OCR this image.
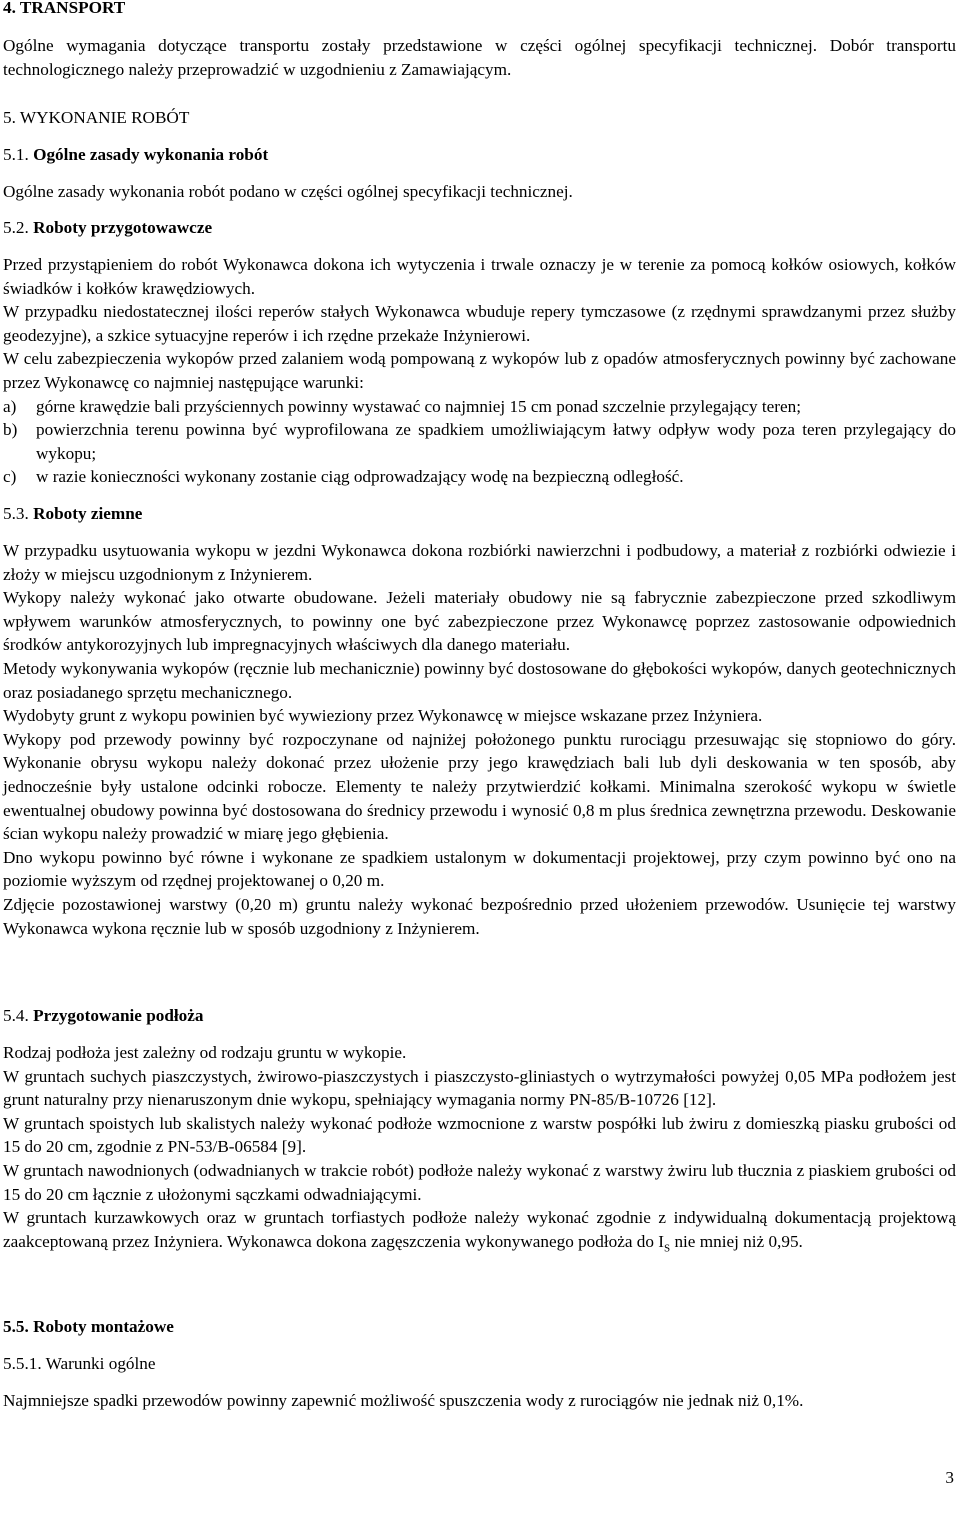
4. TRANSPORT

Ogólne wymagania dotyczące transportu zostały przedstawione w części ogólnej specyfikacji technicznej. Dobór transportu technologicznego należy przeprowadzić w uzgodnieniu z Zamawiającym.

5. WYKONANIE ROBÓT
5.1. Ogólne zasady wykonania robót

Ogólne zasady wykonania robót podano w części ogólnej specyfikacji technicznej.

5.2. Roboty przygotowawcze

Przed przystąpieniem do robót Wykonawca dokona ich wytyczenia i trwale oznaczy je w terenie za pomocą kołków osiowych, kołków świadków i kołków krawędziowych.

W przypadku niedostatecznej ilości reperów stałych Wykonawca wbuduje repery tymczasowe (z rzędnymi sprawdzanymi przez służby geodezyjne), a szkice sytuacyjne reperów i ich rzędne przekaże Inżynierowi.

W celu zabezpieczenia wykopów przed zalaniem wodą pompowaną z wykopów lub z opadów atmosferycznych powinny być zachowane przez Wykonawcę co najmniej następujące warunki:

a)	górne krawędzie bali przyściennych powinny wystawać co najmniej 15 cm ponad szczelnie przylegający teren;
b)	powierzchnia terenu powinna być wyprofilowana ze spadkiem umożliwiającym łatwy odpływ wody poza teren przylegający do wykopu;
c)	w razie konieczności wykonany zostanie ciąg odprowadzający wodę na bezpieczną odległość.
5.3. Roboty ziemne

W przypadku usytuowania wykopu w jezdni Wykonawca dokona rozbiórki nawierzchni i podbudowy, a materiał z rozbiórki odwiezie i złoży w miejscu uzgodnionym z Inżynierem.

Wykopy należy wykonać jako otwarte obudowane. Jeżeli materiały obudowy nie są fabrycznie zabezpieczone przed szkodliwym wpływem warunków atmosferycznych, to powinny one być zabezpieczone przez Wykonawcę poprzez zastosowanie odpowiednich środków antykorozyjnych lub impregnacyjnych właściwych dla danego materiału.

Metody wykonywania wykopów (ręcznie lub mechanicznie) powinny być dostosowane do głębokości wykopów, danych geotechnicznych oraz posiadanego sprzętu mechanicznego.

Wydobyty grunt z wykopu powinien być wywieziony przez Wykonawcę w miejsce wskazane przez Inżyniera.

Wykopy pod przewody powinny być rozpoczynane od najniżej położonego punktu rurociągu przesuwając się stopniowo do góry. Wykonanie obrysu wykopu należy dokonać przez ułożenie przy jego krawędziach bali lub dyli deskowania w ten sposób, aby jednocześnie były ustalone odcinki robocze. Elementy te należy przytwierdzić kołkami. Minimalna szerokość wykopu w świetle ewentualnej obudowy powinna być dostosowana do średnicy przewodu i wynosić 0,8 m plus średnica zewnętrzna przewodu. Deskowanie ścian wykopu należy prowadzić w miarę jego głębienia.

Dno wykopu powinno być równe i wykonane ze spadkiem ustalonym w dokumentacji projektowej, przy czym powinno być ono na poziomie wyższym od rzędnej projektowanej o 0,20 m.

Zdjęcie pozostawionej warstwy (0,20 m) gruntu należy wykonać bezpośrednio przed ułożeniem przewodów. Usunięcie tej warstwy Wykonawca wykona ręcznie lub w sposób uzgodniony z Inżynierem.

5.4. Przygotowanie podłoża

Rodzaj podłoża jest zależny od rodzaju gruntu w wykopie.

W gruntach suchych piaszczystych, żwirowo-piaszczystych i piaszczysto-gliniastych o wytrzymałości powyżej 0,05 MPa podłożem jest grunt naturalny przy nienaruszonym dnie wykopu, spełniający wymagania normy PN-85/B-10726 [12].

W gruntach spoistych lub skalistych należy wykonać podłoże wzmocnione z warstw pospółki lub żwiru z domieszką piasku grubości od 15 do 20 cm, zgodnie z PN-53/B-06584 [9].

W gruntach nawodnionych (odwadnianych w trakcie robót) podłoże należy wykonać z warstwy żwiru lub tłucznia z piaskiem grubości od 15 do 20 cm łącznie z ułożonymi sączkami odwadniającymi.

W gruntach kurzawkowych oraz w gruntach torfiastych podłoże należy wykonać zgodnie z indywidualną dokumentacją projektową zaakceptowaną przez Inżyniera. Wykonawca dokona zagęszczenia wykonywanego podłoża do $I_S$ nie mniej niż 0,95.

5.5. Roboty montażowe
5.5.1. Warunki ogólne

Najmniejsze spadki przewodów powinny zapewnić możliwość spuszczenia wody z rurociągów nie jednak niż 0,1%.

3
